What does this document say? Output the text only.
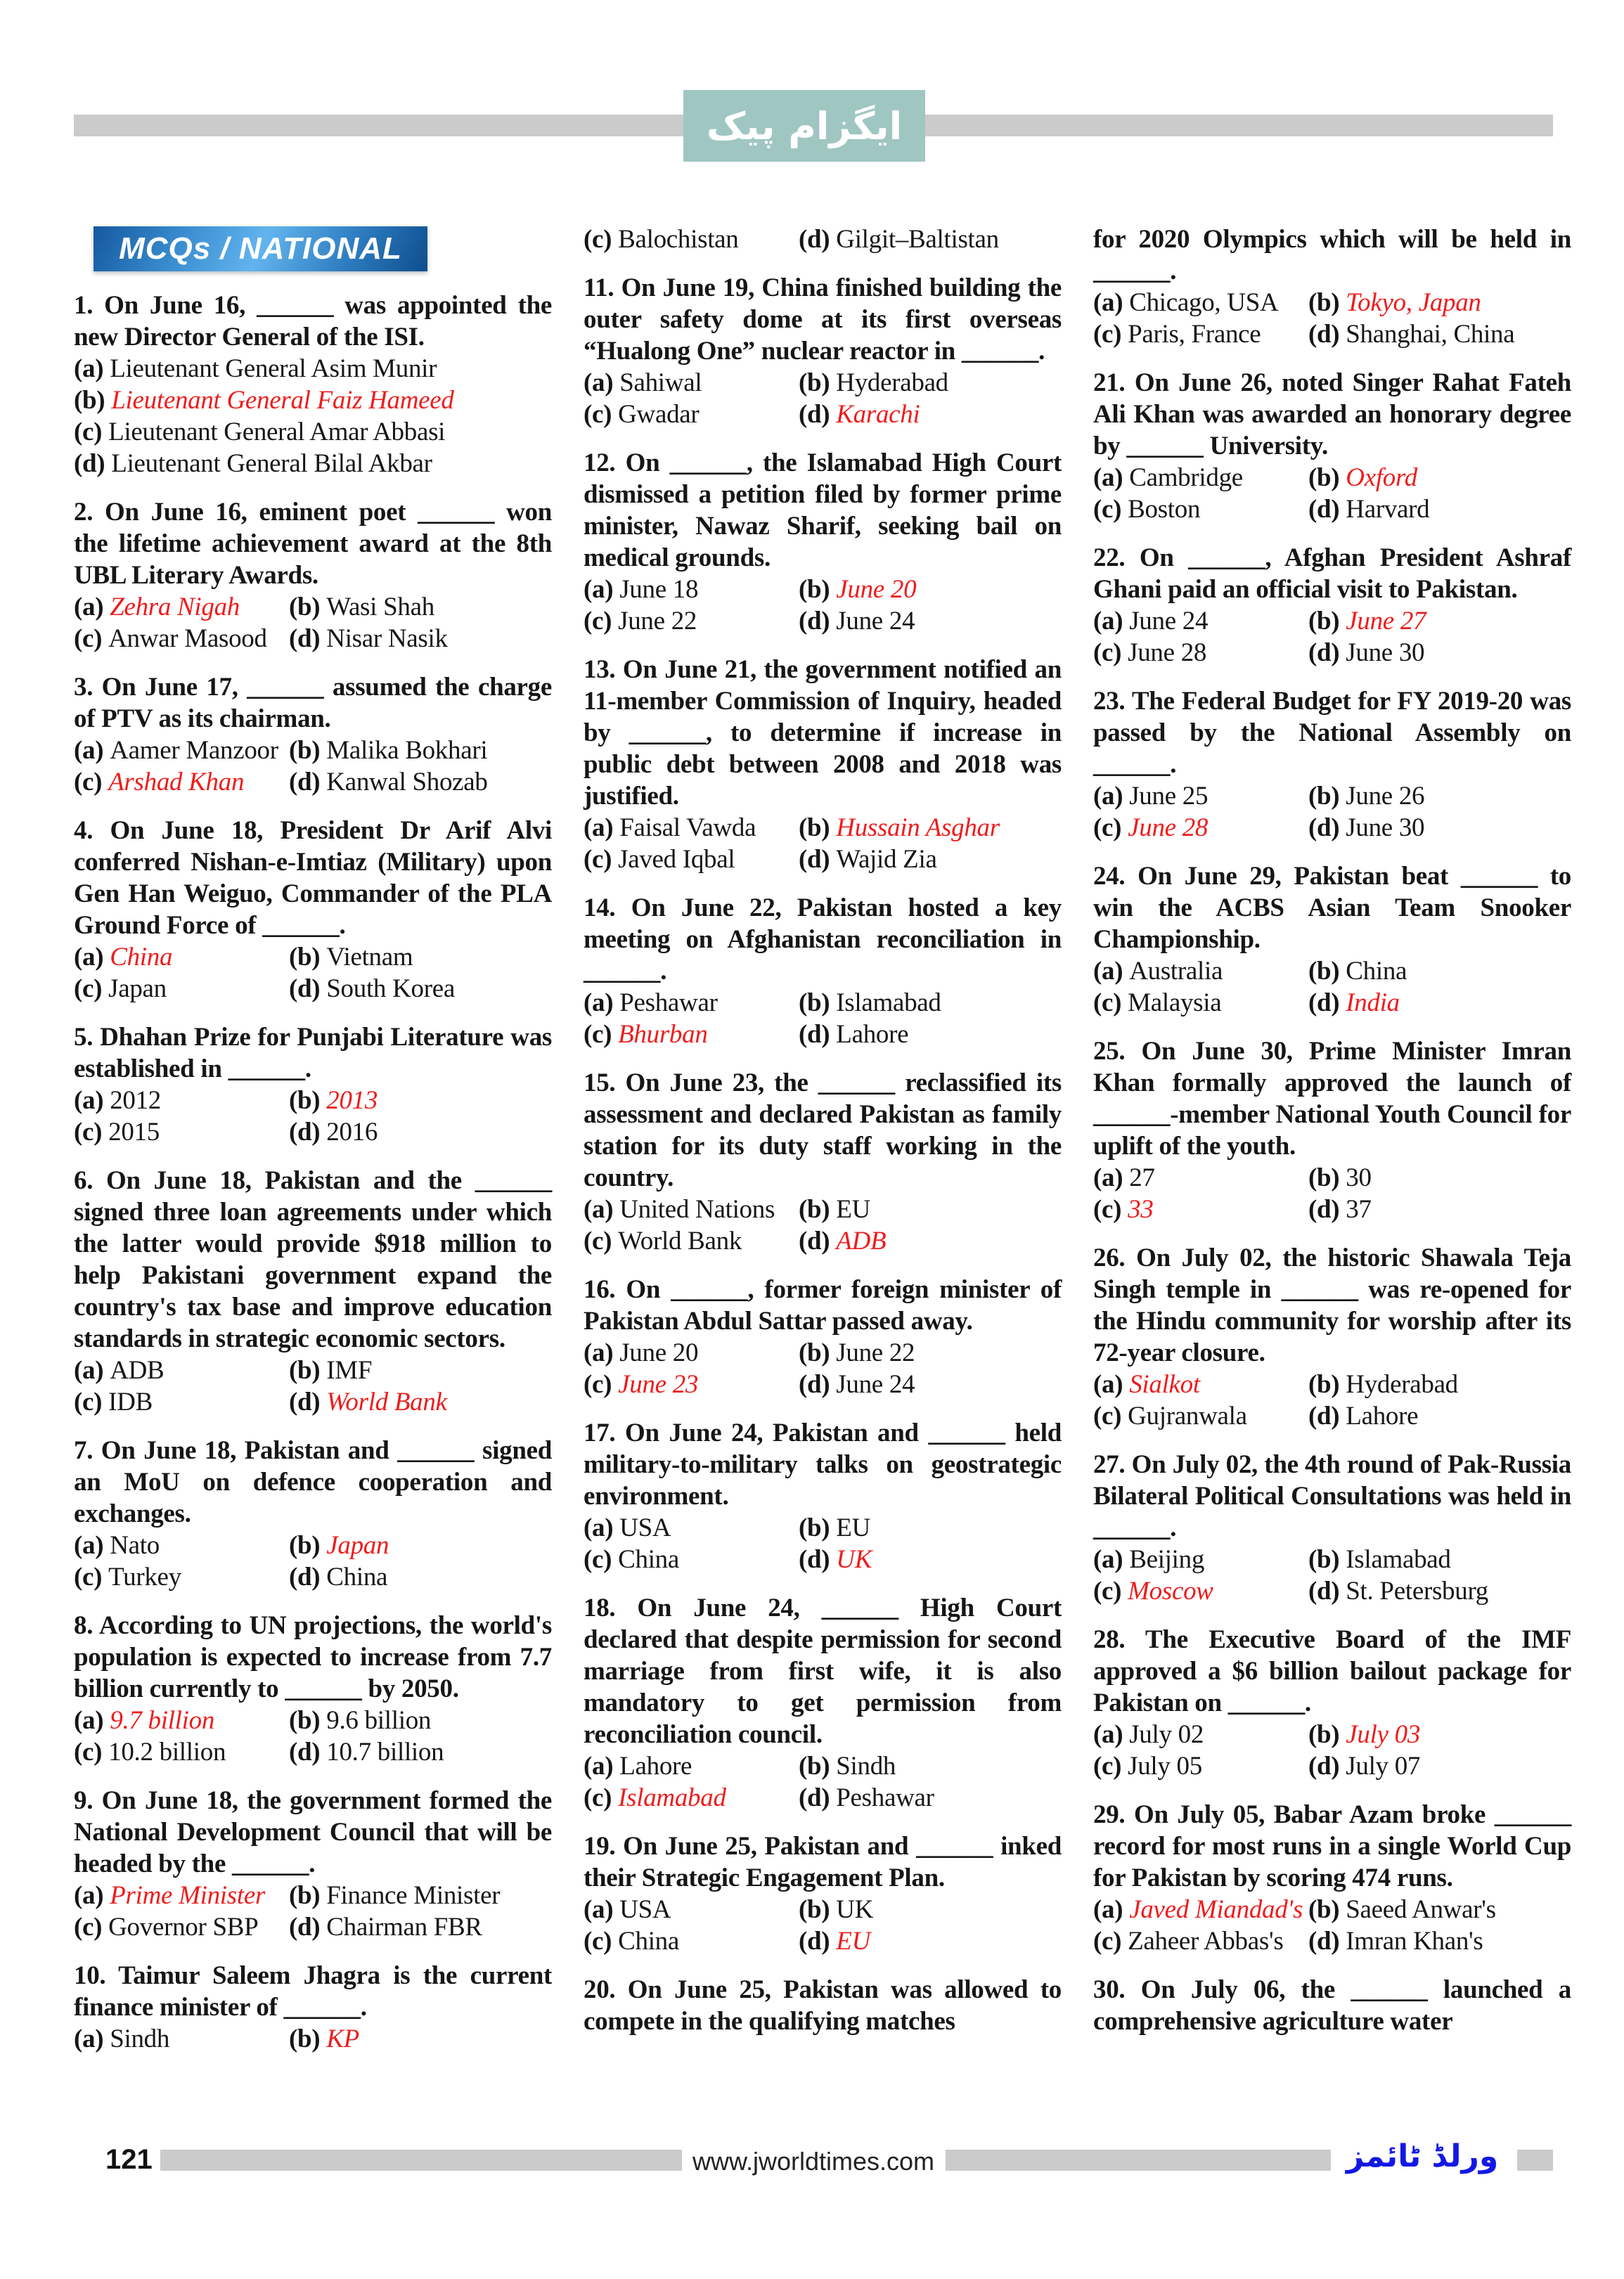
ایگزام پیک
MCQs / NATIONAL

1. On June 16, ______ was appointed the new Director General of the ISI.

(a) Lieutenant General Asim Munir
(b) Lieutenant General Faiz Hameed
(c) Lieutenant General Amar Abbasi
(d) Lieutenant General Bilal Akbar

2. On June 16, eminent poet ______ won the lifetime achievement award at the 8th UBL Literary Awards.

(a) Zehra Nigah	(b) Wasi Shah
(c) Anwar Masood (d) Nisar Nasik

3. On June 17, ______ assumed the charge of PTV as its chairman.

(a) Aamer Manzoor (b) Malika Bokhari
(c) Arshad Khan	(d) Kanwal Shozab

4. On June 18, President Dr Arif Alvi conferred Nishan-e-Imtiaz (Military) upon Gen Han Weiguo, Commander of the PLA Ground Force of ______.

(a) China	(b) Vietnam
(c) Japan	(d) South Korea

5. Dhahan Prize for Punjabi Literature was established in ______.

(a) 2012	(b) 2013
(c) 2015	(d) 2016

6. On June 18, Pakistan and the ______ signed three loan agreements under which the latter would provide $918 million to help Pakistani government expand the country's tax base and improve education standards in strategic economic sectors.

(a) ADB	(b) IMF
(c) IDB	(d) World Bank

7. On June 18, Pakistan and ______ signed an MoU on defence cooperation and exchanges.

(a) Nato	(b) Japan
(c) Turkey	(d) China

8. According to UN projections, the world's population is expected to increase from 7.7 billion currently to ______ by 2050.

(a) 9.7 billion	(b) 9.6 billion
(c) 10.2 billion	(d) 10.7 billion

9. On June 18, the government formed the National Development Council that will be headed by the ______.

(a) Prime Minister (b) Finance Minister
(c) Governor SBP	(d) Chairman FBR

10. Taimur Saleem Jhagra is the current finance minister of ______.

(a) Sindh	(b) KP
(c) Balochistan	(d) Gilgit–Baltistan

11. On June 19, China finished building the outer safety dome at its first overseas “Hualong One” nuclear reactor in ______.

(a) Sahiwal	(b) Hyderabad
(c) Gwadar	(d) Karachi

12. On ______, the Islamabad High Court dismissed a petition filed by former prime minister, Nawaz Sharif, seeking bail on medical grounds.

(a) June 18	(b) June 20
(c) June 22	(d) June 24

13. On June 21, the government notified an 11-member Commission of Inquiry, headed by ______, to determine if increase in public debt between 2008 and 2018 was justified.

(a) Faisal Vawda	(b) Hussain Asghar
(c) Javed Iqbal	(d) Wajid Zia

14. On June 22, Pakistan hosted a key meeting on Afghanistan reconciliation in ______.

(a) Peshawar	(b) Islamabad
(c) Bhurban	(d) Lahore

15. On June 23, the ______ reclassified its assessment and declared Pakistan as family station for its duty staff working in the country.

(a) United Nations (b) EU
(c) World Bank	(d) ADB

16. On ______, former foreign minister of Pakistan Abdul Sattar passed away.

(a) June 20	(b) June 22
(c) June 23	(d) June 24

17. On June 24, Pakistan and ______ held military-to-military talks on geostrategic environment.

(a) USA	(b) EU
(c) China	(d) UK

18. On June 24, ______ High Court declared that despite permission for second marriage from first wife, it is also mandatory to get permission from reconciliation council.

(a) Lahore	(b) Sindh
(c) Islamabad	(d) Peshawar

19. On June 25, Pakistan and ______ inked their Strategic Engagement Plan.

(a) USA	(b) UK
(c) China	(d) EU

20. On June 25, Pakistan was allowed to compete in the qualifying matches

for 2020 Olympics which will be held in ______.

(a) Chicago, USA	(b) Tokyo, Japan
(c) Paris, France	(d) Shanghai, China

21. On June 26, noted Singer Rahat Fateh Ali Khan was awarded an honorary degree by ______ University.

(a) Cambridge	(b) Oxford
(c) Boston	(d) Harvard

22. On ______, Afghan President Ashraf Ghani paid an official visit to Pakistan.

(a) June 24	(b) June 27
(c) June 28	(d) June 30

23. The Federal Budget for FY 2019-20 was passed by the National Assembly on ______.

(a) June 25	(b) June 26
(c) June 28	(d) June 30

24. On June 29, Pakistan beat ______ to win the ACBS Asian Team Snooker Championship.

(a) Australia	(b) China
(c) Malaysia	(d) India

25. On June 30, Prime Minister Imran Khan formally approved the launch of ______-member National Youth Council for uplift of the youth.

(a) 27	(b) 30
(c) 33	(d) 37

26. On July 02, the historic Shawala Teja Singh temple in ______ was re-opened for the Hindu community for worship after its 72-year closure.

(a) Sialkot	(b) Hyderabad
(c) Gujranwala	(d) Lahore

27. On July 02, the 4th round of Pak-Russia Bilateral Political Consultations was held in ______.

(a) Beijing	(b) Islamabad
(c) Moscow	(d) St. Petersburg

28. The Executive Board of the IMF approved a $6 billion bailout package for Pakistan on ______.

(a) July 02	(b) July 03
(c) July 05	(d) July 07

29. On July 05, Babar Azam broke ______ record for most runs in a single World Cup for Pakistan by scoring 474 runs.

(a) Javed Miandad's (b) Saeed Anwar's
(c) Zaheer Abbas's (d) Imran Khan's

30. On July 06, the ______ launched a comprehensive agriculture water

121	www.jworldtimes.com	ورلڈ ٹائمز
